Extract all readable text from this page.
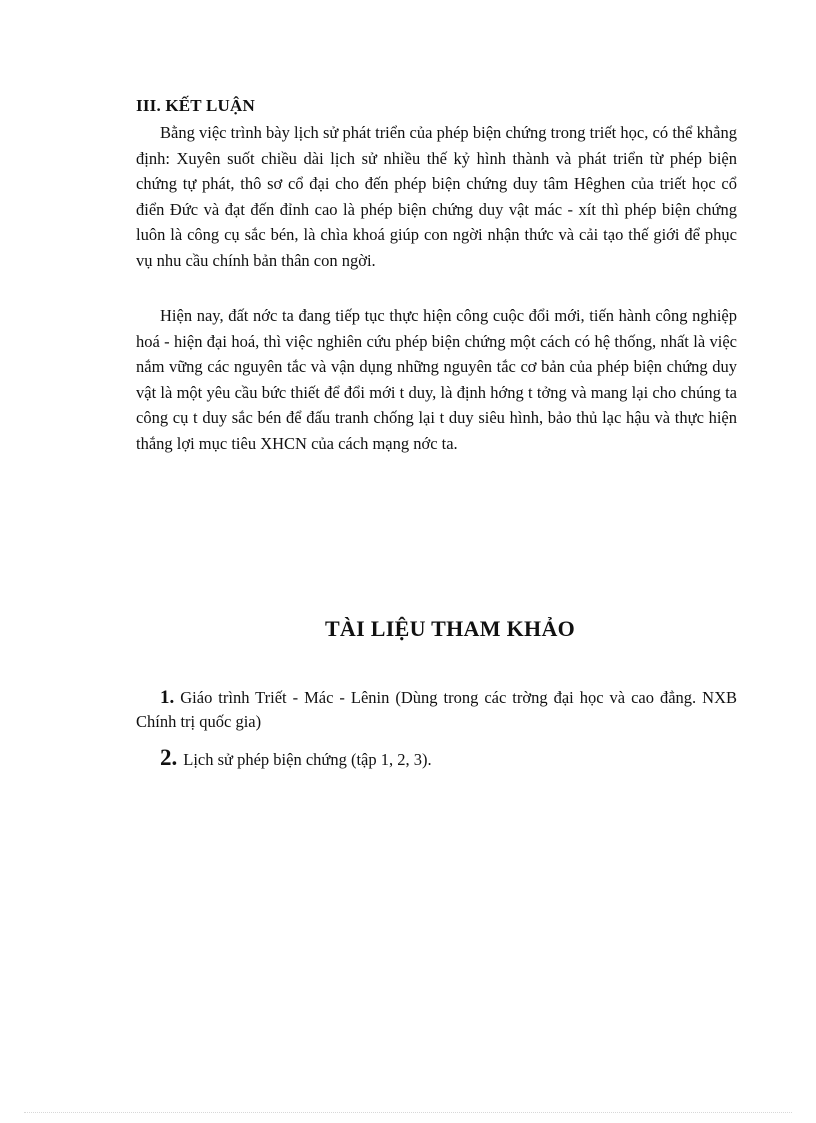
III. KẾT LUẬN

Bằng việc trình bày lịch sử phát triển của phép biện chứng trong triết học, có thể khẳng định: Xuyên suốt chiều dài lịch sử nhiều thế kỷ hình thành và phát triển từ phép biện chứng tự phát, thô sơ cổ đại cho đến phép biện chứng duy tâm Hêghen của triết học cổ điển Đức và đạt đến đỉnh cao là phép biện chứng duy vật mác - xít thì phép biện chứng luôn là công cụ sắc bén, là chìa khoá giúp con ngời nhận thức và cải tạo thế giới để phục vụ nhu cầu chính bản thân con ngời.

Hiện nay, đất nớc ta đang tiếp tục thực hiện công cuộc đổi mới, tiến hành công nghiệp hoá - hiện đại hoá, thì việc nghiên cứu phép biện chứng một cách có hệ thống, nhất là việc nắm vững các nguyên tắc và vận dụng những nguyên tắc cơ bản của phép biện chứng duy vật là một yêu cầu bức thiết để đổi mới t duy, là định hớng t tởng và mang lại cho chúng ta công cụ t duy sắc bén để đấu tranh chống lại t duy siêu hình, bảo thủ lạc hậu và thực hiện thắng lợi mục tiêu XHCN của cách mạng nớc ta.

TÀI LIỆU THAM KHẢO

1. Giáo trình Triết - Mác - Lênin (Dùng trong các trờng đại học và cao đẳng. NXB Chính trị quốc gia)

2. Lịch sử phép biện chứng (tập 1, 2, 3).
